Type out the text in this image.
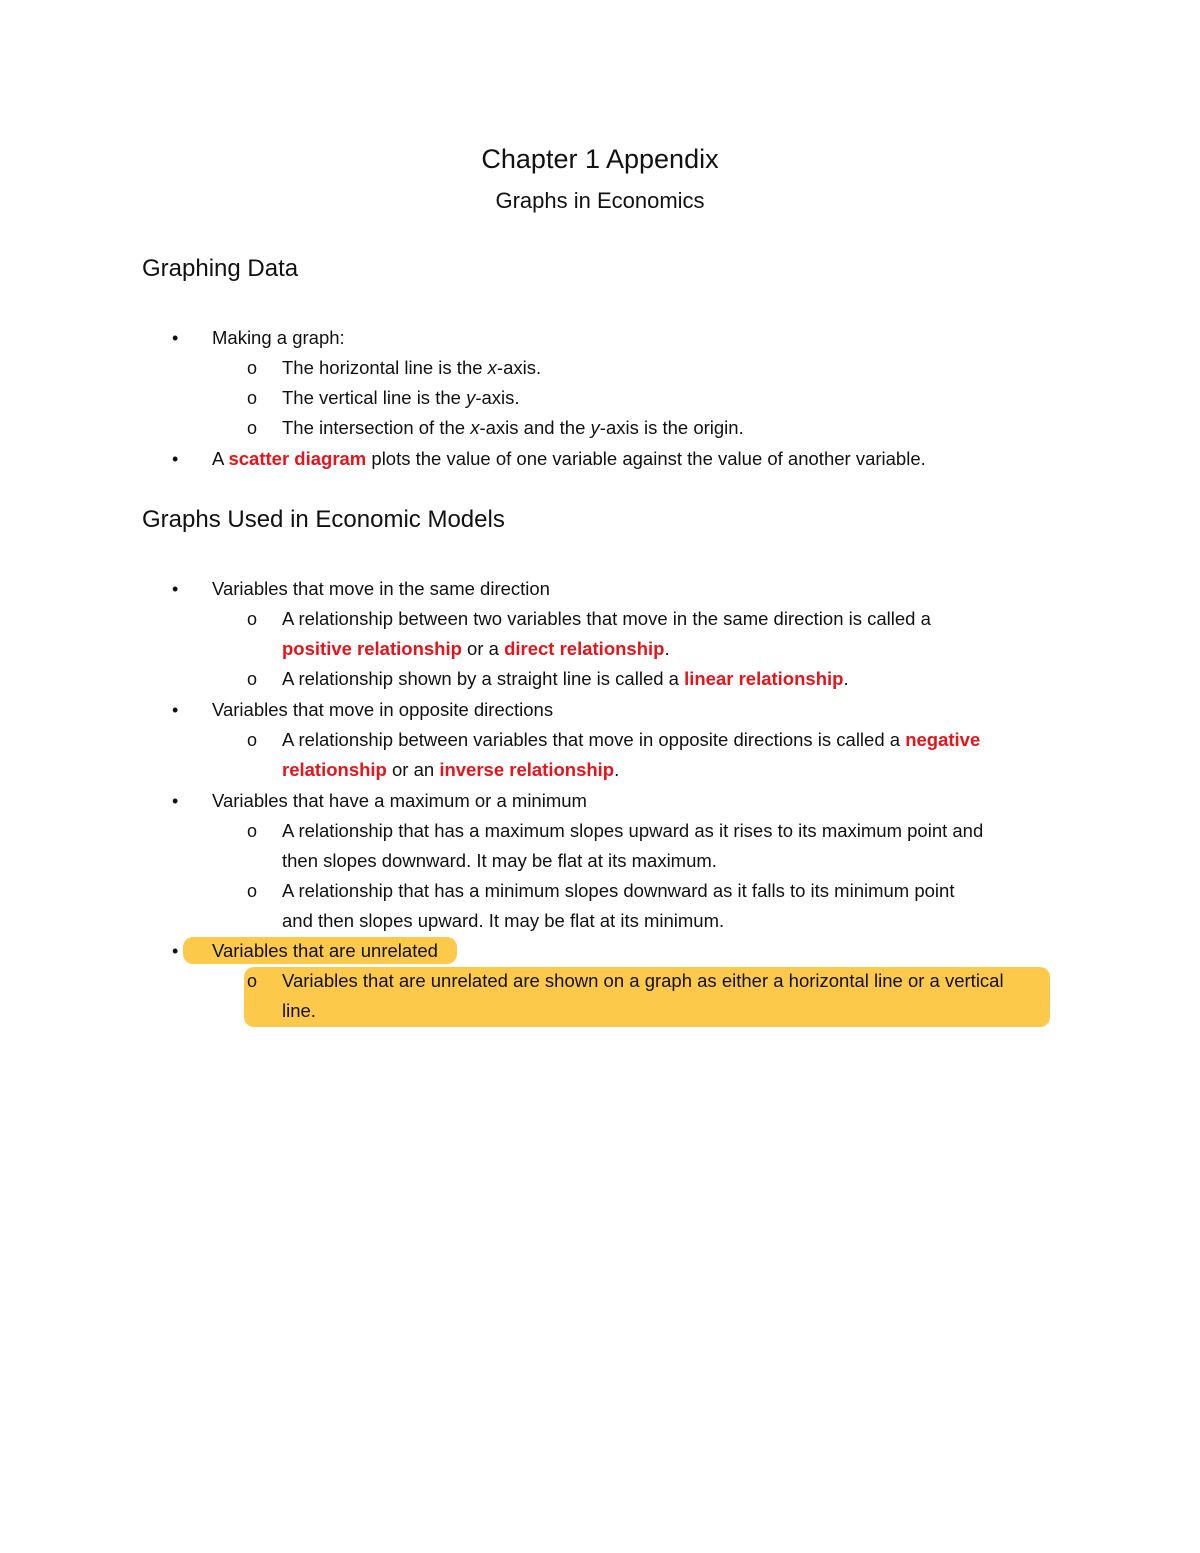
Chapter 1 Appendix
Graphs in Economics
Graphing Data
• Making a graph:
o The horizontal line is the x-axis.
o The vertical line is the y-axis.
o The intersection of the x-axis and the y-axis is the origin.
• A scatter diagram plots the value of one variable against the value of another variable.
Graphs Used in Economic Models
• Variables that move in the same direction
o A relationship between two variables that move in the same direction is called a
positive relationship or a direct relationship.
o A relationship shown by a straight line is called a linear relationship.
• Variables that move in opposite directions
o A relationship between variables that move in opposite directions is called a negative
relationship or an inverse relationship.
• Variables that have a maximum or a minimum
o A relationship that has a maximum slopes upward as it rises to its maximum point and
then slopes downward. It may be flat at its maximum.
o A relationship that has a minimum slopes downward as it falls to its minimum point
and then slopes upward. It may be flat at its minimum.
• Variables that are unrelated
o Variables that are unrelated are shown on a graph as either a horizontal line or a vertical
line.
